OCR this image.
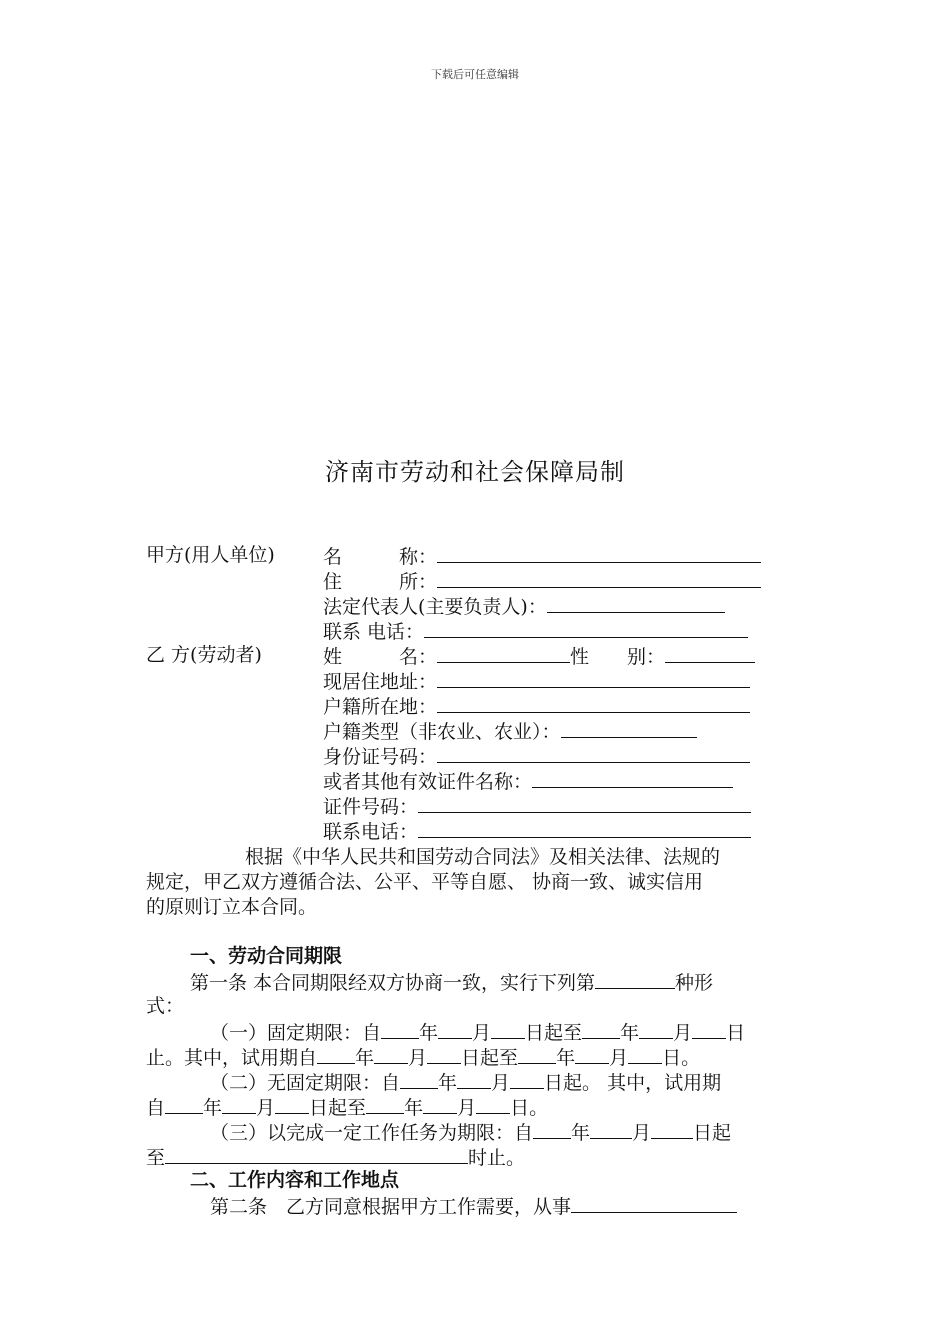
下载后可任意编辑
济南市劳动和社会保障局制
甲方(用人单位)	名　　　称：
住　　　所：
法定代表人(主要负责人)：
联系 电话：
乙 方(劳动者)	姓　　　名：	性　　别：
现居住地址：
户籍所在地：
户籍类型（非农业、农业）：
身份证号码：
或者其他有效证件名称：
证件号码：
联系电话：
根据《中华人民共和国劳动合同法》及相关法律、法规的
规定，甲乙双方遵循合法、公平、平等自愿、 协商一致、诚实信用
的原则订立本合同。
一、劳动合同期限
第一条 本合同期限经双方协商一致，实行下列第	种形
式：
（一）固定期限：自 年 月 日起至 年 月 日
止。其中，试用期自 年 月 日起至 年 月 日。
（二）无固定期限：自 年 月 日起。 其中，试用期
自 年 月 日起至 年 月 日。
（三）以完成一定工作任务为期限：自 年 月 日起
至	时止。
二、工作内容和工作地点
第二条　乙方同意根据甲方工作需要，从事
